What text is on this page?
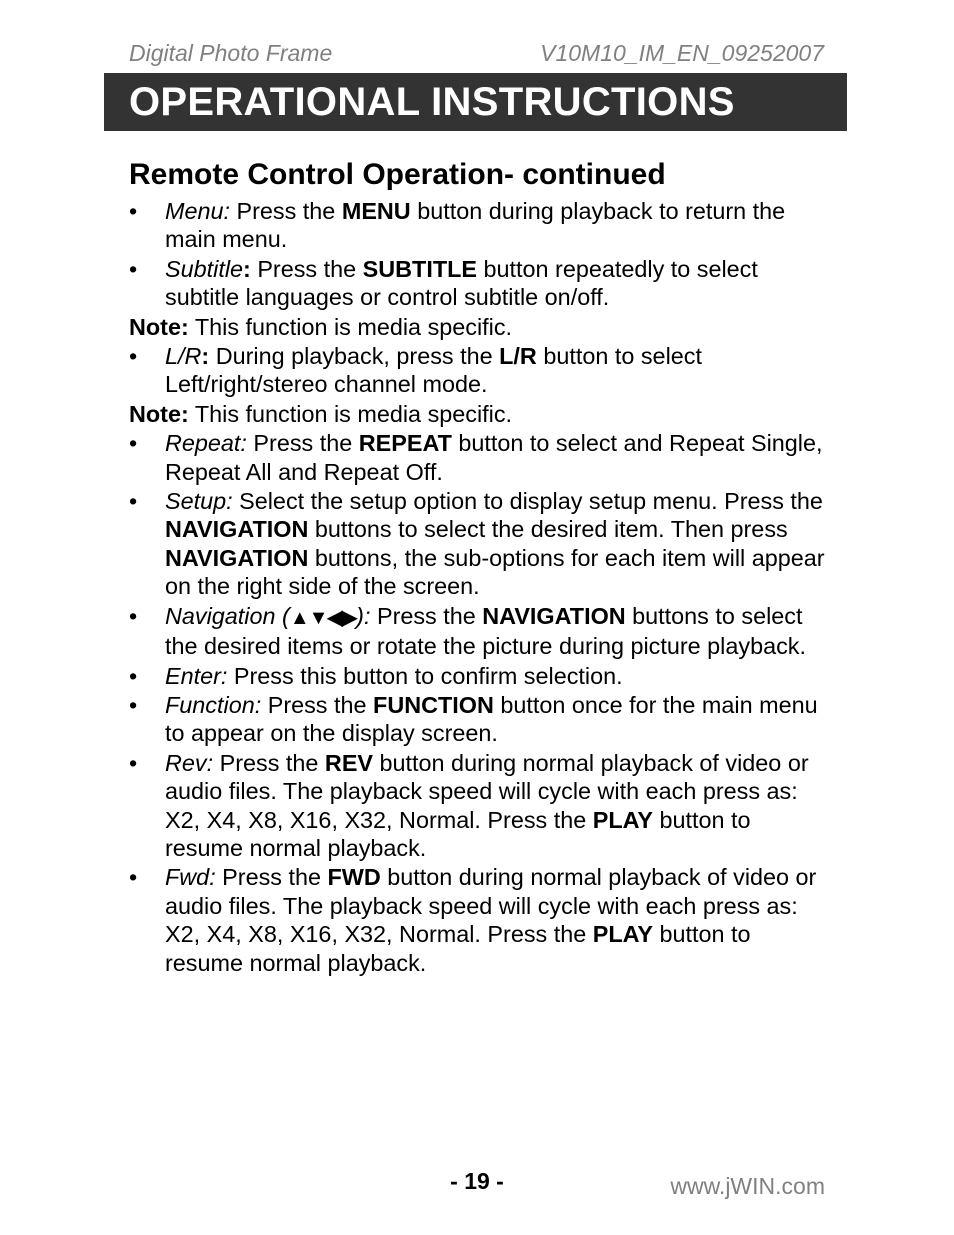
Digital Photo Frame	V10M10_IM_EN_09252007
OPERATIONAL INSTRUCTIONS
Remote Control Operation- continued
•	Menu: Press the MENU button during playback to return the main menu.
•	Subtitle: Press the SUBTITLE button repeatedly to select subtitle languages or control subtitle on/off.
Note: This function is media specific.
•	L/R: During playback, press the L/R button to select Left/right/stereo channel mode.
Note: This function is media specific.
•	Repeat: Press the REPEAT button to select and Repeat Single, Repeat All and Repeat Off.
•	Setup: Select the setup option to display setup menu. Press the NAVIGATION buttons to select the desired item. Then press NAVIGATION buttons, the sub-options for each item will appear on the right side of the screen.
•	Navigation (▲▼◀▶): Press the NAVIGATION buttons to select the desired items or rotate the picture during picture playback.
•	Enter: Press this button to confirm selection.
•	Function: Press the FUNCTION button once for the main menu to appear on the display screen.
•	Rev: Press the REV button during normal playback of video or audio files. The playback speed will cycle with each press as: X2, X4, X8, X16, X32, Normal. Press the PLAY button to resume normal playback.
•	Fwd: Press the FWD button during normal playback of video or audio files. The playback speed will cycle with each press as: X2, X4, X8, X16, X32, Normal. Press the PLAY button to resume normal playback.
- 19 -	www.jWIN.com
